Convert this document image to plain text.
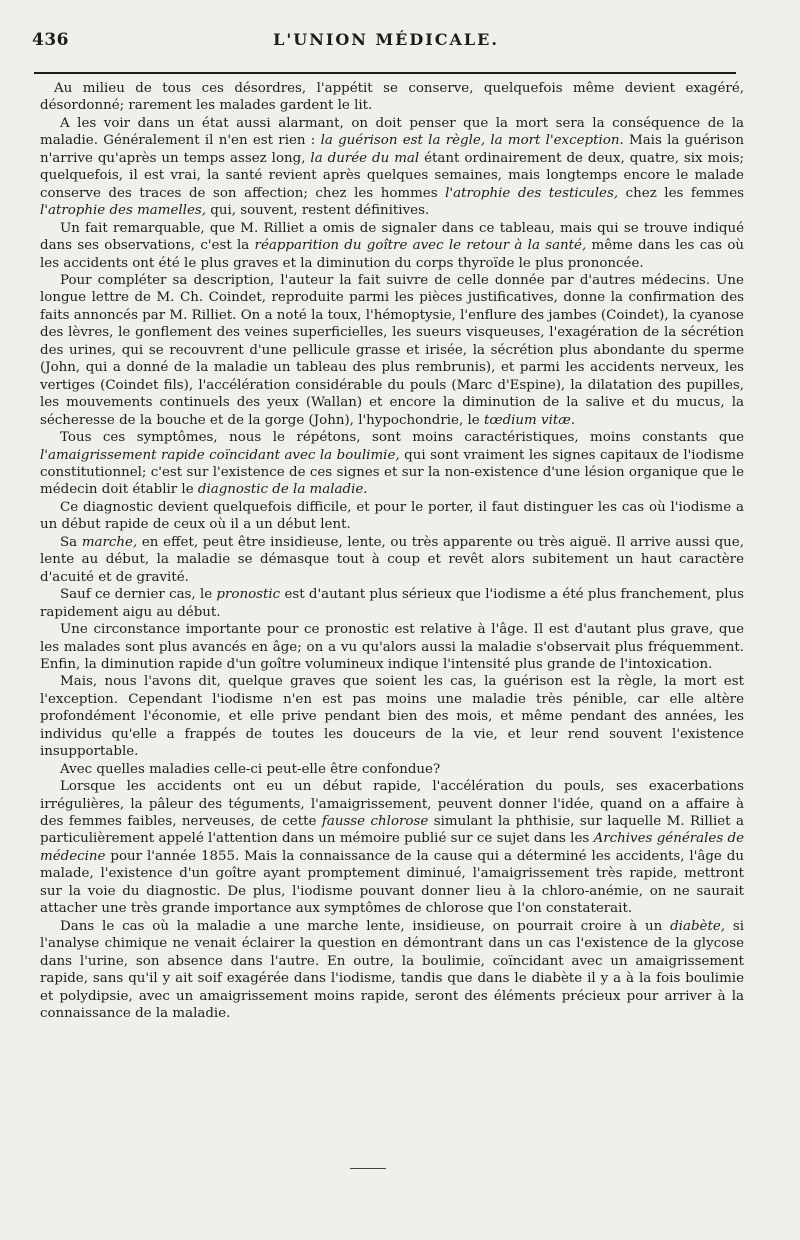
436	L'UNION MÉDICALE.

Au milieu de tous ces désordres, l'appétit se conserve, quelquefois même devient exagéré, désordonné; rarement les malades gardent le lit.

A les voir dans un état aussi alarmant, on doit penser que la mort sera la conséquence de la maladie. Généralement il n'en est rien : la guérison est la règle, la mort l'exception. Mais la guérison n'arrive qu'après un temps assez long, la durée du mal étant ordinairement de deux, quatre, six mois; quelquefois, il est vrai, la santé revient après quelques semaines, mais longtemps encore le malade conserve des traces de son affection; chez les hommes l'atrophie des testicules, chez les femmes l'atrophie des mamelles, qui, souvent, restent définitives.

Un fait remarquable, que M. Rilliet a omis de signaler dans ce tableau, mais qui se trouve indiqué dans ses observations, c'est la réapparition du goître avec le retour à la santé, même dans les cas où les accidents ont été le plus graves et la diminution du corps thyroïde le plus prononcée.

Pour compléter sa description, l'auteur la fait suivre de celle donnée par d'autres médecins. Une longue lettre de M. Ch. Coindet, reproduite parmi les pièces justificatives, donne la confirmation des faits annoncés par M. Rilliet. On a noté la toux, l'hémoptysie, l'enflure des jambes (Coindet), la cyanose des lèvres, le gonflement des veines superficielles, les sueurs visqueuses, l'exagération de la sécrétion des urines, qui se recouvrent d'une pellicule grasse et irisée, la sécrétion plus abondante du sperme (John, qui a donné de la maladie un tableau des plus rembrunis), et parmi les accidents nerveux, les vertiges (Coindet fils), l'accélération considérable du pouls (Marc d'Espine), la dilatation des pupilles, les mouvements continuels des yeux (Wallan) et encore la diminution de la salive et du mucus, la sécheresse de la bouche et de la gorge (John), l'hypochondrie, le tœdium vitæ.

Tous ces symptômes, nous le répétons, sont moins caractéristiques, moins constants que l'amaigrissement rapide coïncidant avec la boulimie, qui sont vraiment les signes capitaux de l'iodisme constitutionnel; c'est sur l'existence de ces signes et sur la non-existence d'une lésion organique que le médecin doit établir le diagnostic de la maladie.

Ce diagnostic devient quelquefois difficile, et pour le porter, il faut distinguer les cas où l'iodisme a un début rapide de ceux où il a un début lent.

Sa marche, en effet, peut être insidieuse, lente, ou très apparente ou très aiguë. Il arrive aussi que, lente au début, la maladie se démasque tout à coup et revêt alors subitement un haut caractère d'acuité et de gravité.

Sauf ce dernier cas, le pronostic est d'autant plus sérieux que l'iodisme a été plus franchement, plus rapidement aigu au début.

Une circonstance importante pour ce pronostic est relative à l'âge. Il est d'autant plus grave, que les malades sont plus avancés en âge; on a vu qu'alors aussi la maladie s'observait plus fréquemment. Enfin, la diminution rapide d'un goître volumineux indique l'intensité plus grande de l'intoxication.

Mais, nous l'avons dit, quelque graves que soient les cas, la guérison est la règle, la mort est l'exception. Cependant l'iodisme n'en est pas moins une maladie très pénible, car elle altère profondément l'économie, et elle prive pendant bien des mois, et même pendant des années, les individus qu'elle a frappés de toutes les douceurs de la vie, et leur rend souvent l'existence insupportable.

Avec quelles maladies celle-ci peut-elle être confondue?

Lorsque les accidents ont eu un début rapide, l'accélération du pouls, ses exacerbations irrégulières, la pâleur des téguments, l'amaigrissement, peuvent donner l'idée, quand on a affaire à des femmes faibles, nerveuses, de cette fausse chlorose simulant la phthisie, sur laquelle M. Rilliet a particulièrement appelé l'attention dans un mémoire publié sur ce sujet dans les Archives générales de médecine pour l'année 1855. Mais la connaissance de la cause qui a déterminé les accidents, l'âge du malade, l'existence d'un goître ayant promptement diminué, l'amaigrissement très rapide, mettront sur la voie du diagnostic. De plus, l'iodisme pouvant donner lieu à la chloro-anémie, on ne saurait attacher une très grande importance aux symptômes de chlorose que l'on constaterait.

Dans le cas où la maladie a une marche lente, insidieuse, on pourrait croire à un diabète, si l'analyse chimique ne venait éclairer la question en démontrant dans un cas l'existence de la glycose dans l'urine, son absence dans l'autre. En outre, la boulimie, coïncidant avec un amaigrissement rapide, sans qu'il y ait soif exagérée dans l'iodisme, tandis que dans le diabète il y a à la fois boulimie et polydipsie, avec un amaigrissement moins rapide, seront des éléments précieux pour arriver à la connaissance de la maladie.
